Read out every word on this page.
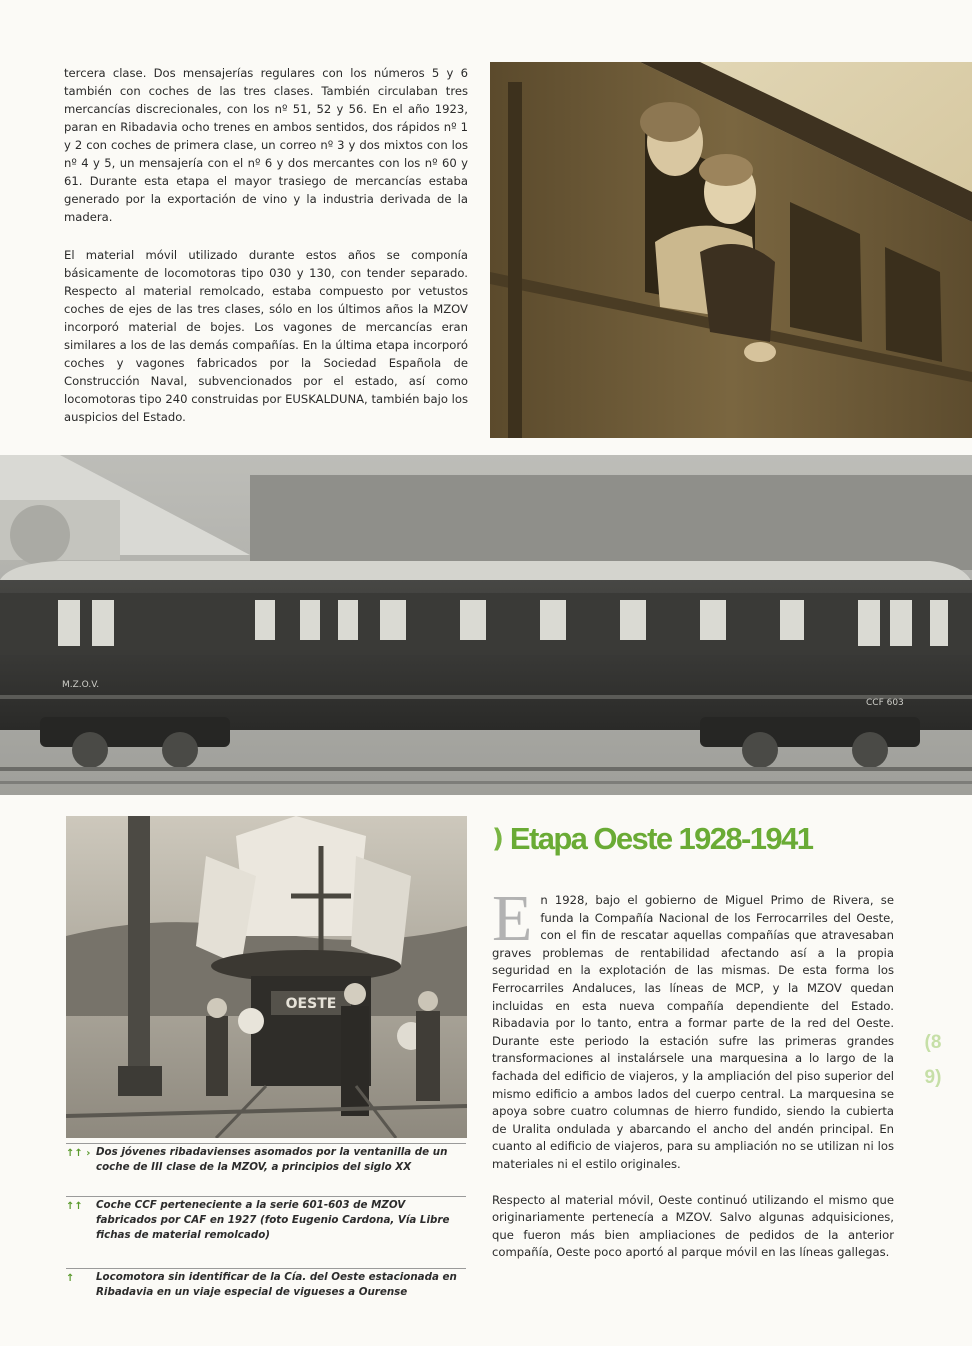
tercera clase. Dos mensajerías regulares con los números 5 y 6 también con coches de las tres clases. También circulaban tres mercancías discrecionales, con los nº 51, 52 y 56. En el año 1923, paran en Ribadavia ocho trenes en ambos sentidos, dos rápidos nº 1 y 2 con coches de primera clase, un correo nº 3 y dos mixtos con los nº 4 y 5, un mensajería con el nº 6 y dos mercantes con los nº 60 y 61. Durante esta etapa el mayor trasiego de mercancías estaba generado por la exportación de vino y la industria derivada de la madera.

El material móvil utilizado durante estos años se componía básicamente de locomotoras tipo 030 y 130, con tender separado. Respecto al material remolcado, estaba compuesto por vetustos coches de ejes de las tres clases, sólo en los últimos años la MZOV incorporó material de bojes. Los vagones de mercancías eran similares a los de las demás compañías. En la última etapa incorporó coches y vagones fabricados por la Sociedad Española de Construcción Naval, subvencionados por el estado, así como locomotoras tipo 240 construidas por EUSKALDUNA, también bajo los auspicios del Estado.

M.Z.O.V.
CCF 603
OESTE
) Etapa Oeste 1928-1941

En 1928, bajo el gobierno de Miguel Primo de Rivera, se funda la Compañía Nacional de los Ferrocarriles del Oeste, con el fin de rescatar aquellas compañías que atravesaban graves problemas de rentabilidad afectando así a la propia seguridad en la explotación de las mismas. De esta forma los Ferrocarriles Andaluces, las líneas de MCP, y la MZOV quedan incluidas en esta nueva compañía dependiente del Estado. Ribadavia por lo tanto, entra a formar parte de la red del Oeste. Durante este periodo la estación sufre las primeras grandes transformaciones al instalársele una marquesina a lo largo de la fachada del edificio de viajeros, y la ampliación del piso superior del mismo edificio a ambos lados del cuerpo central. La marquesina se apoya sobre cuatro columnas de hierro fundido, siendo la cubierta de Uralita ondulada y abarcando el ancho del andén principal. En cuanto al edificio de viajeros, para su ampliación no se utilizan ni los materiales ni el estilo originales.

Respecto al material móvil, Oeste continuó utilizando el mismo que originariamente pertenecía a MZOV. Salvo algunas adquisiciones, que fueron más bien ampliaciones de pedidos de la anterior compañía, Oeste poco aportó al parque móvil en las líneas gallegas.

(8
9)
↑↑ › Dos jóvenes ribadavienses asomados por la ventanilla de un coche de III clase de la MZOV, a principios del siglo XX
↑↑	Coche CCF perteneciente a la serie 601-603 de MZOV fabricados por CAF en 1927 (foto Eugenio Cardona, Vía Libre fichas de material remolcado)
↑	Locomotora sin identificar de la Cía. del Oeste estacionada en Ribadavia en un viaje especial de vigueses a Ourense
